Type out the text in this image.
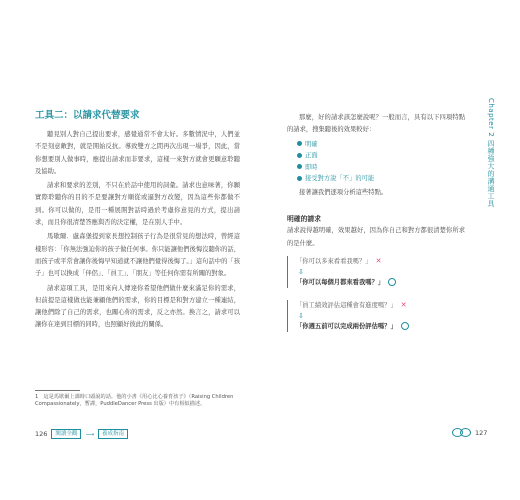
工具二：以請求代替要求

聽見別人對自己提出要求，感覺通常不會太好。多數情況中，人們並不是刻意敵對，就是開始反抗。導致雙方之間再次出現一場爭，因此，當你想要別人做事時，應提出請求而非要求，這樣一來對方就會更願意聆聽及協助。

請求和要求的差別，不只在於話中使用的詞彙。請求也意味著，你願實際聆聽你的目的不是要讓對方順從或逼對方改變，因為這些你都做不到。你可以做的，是用一種展開對話時過於考慮你意見的方式，提出請求，而且你很清楚答應與否的決定權，是在別人手中。

馬歇爾．盧森堡提到家長想控制孩子行為是很常見的想法時，曾經這樣形容：「你無法強迫你的孩子做任何事。你只能讓他們後悔沒聽你的話，而孩子或平常會讓你後悔早知道就不讓他們覺得後悔了。」這句話中的「孩子」也可以換成「伴侶」、「員工」、「朋友」等任何你需有所關的對象。

請求這項工具，是用來向人傳達你希望他們做什麼來滿足你的需求，但前提是這樣做也能兼顧他們的需求，你的目標是和對方建立一種連結，讓他們除了自己的需求，也關心你的需求，反之亦然。換言之，請求可以讓你在達到目標的同時，也照顧好彼此的關係。

1　這是馬歇爾上課時口頭說的話。他的小書《用心比心養育孩子》（Raising Children Compassionately，暫譯，PuddleDancer Press 出版）中有相似描述。
126	閱讀全觀	⟶	養成指南

那麼，好的請求該怎麼說呢？一般而言，具有以下四項特點的請求，搜集聽後的效果較好：

明確
正面
即時
接受對方說「不」的可能

接著讓我們逐項分析這些特點。

明確的請求

請求說得越明確，效果越好，因為你自己和對方都很清楚你所求的是什麼。

「你可以多來看看我嗎？」 ✕
⇩
「你可以每個月都來看我嗎？」
「員工績效評估這種會有進度嗎？」 ✕
⇩
「你週五前可以完成兩份評估嗎？」
127
Chapter 2 四種強大的溝通工具
